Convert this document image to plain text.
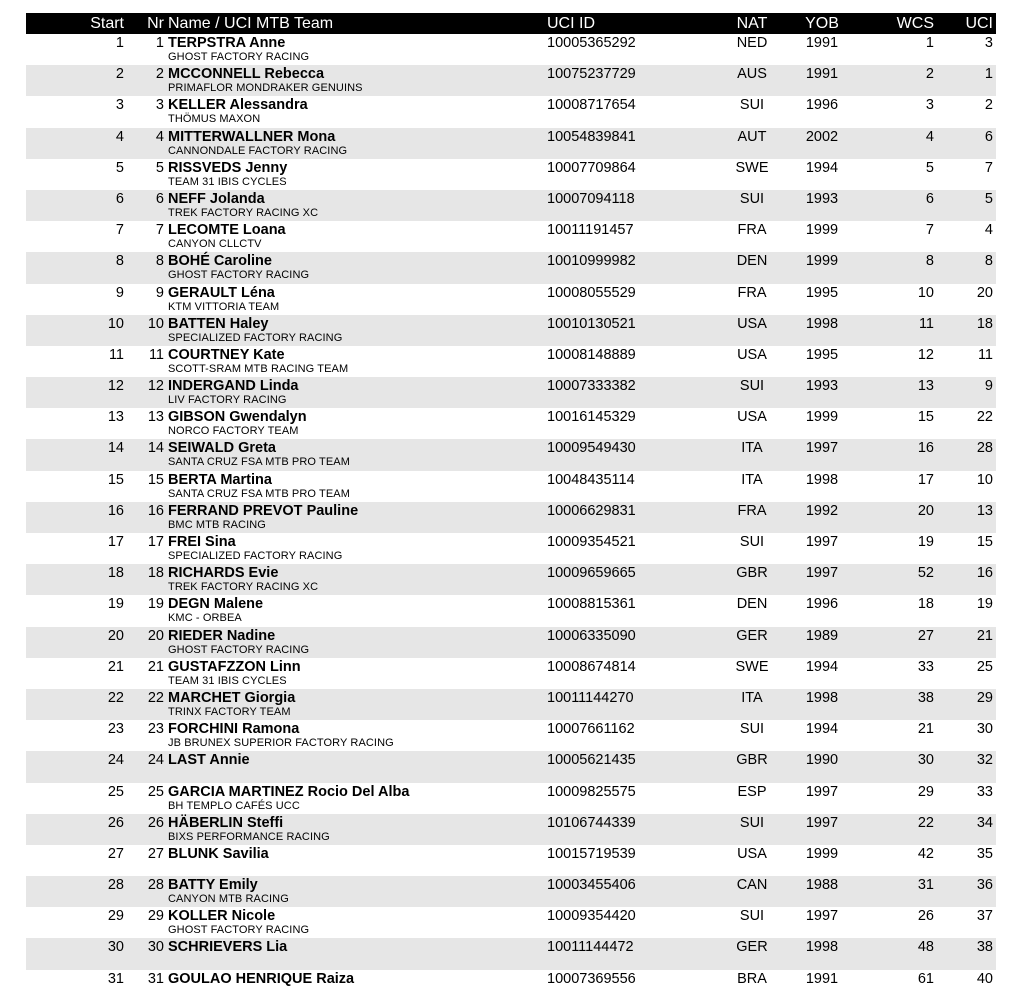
Start Nr Name / UCI MTB Team	UCI ID	NAT	YOB	WCS UCI
1 1 TERPSTRA Anne
GHOST FACTORY RACING
10005365292	NED	1991	1	3
2 2 MCCONNELL Rebecca
PRIMAFLOR MONDRAKER GENUINS
10075237729	AUS	1991	2	1
3 3 KELLER Alessandra
THÖMUS MAXON
10008717654	SUI	1996	3	2
4 4 MITTERWALLNER Mona
CANNONDALE FACTORY RACING
10054839841	AUT	2002	4	6
5 5 RISSVEDS Jenny
TEAM 31 IBIS CYCLES
10007709864	SWE	1994	5	7
6 6 NEFF Jolanda
TREK FACTORY RACING XC
10007094118	SUI	1993	6	5
7 7 LECOMTE Loana
CANYON CLLCTV
10011191457	FRA	1999	7	4
8 8 BOHÉ Caroline
GHOST FACTORY RACING
10010999982	DEN	1999	8	8
9 9 GERAULT Léna
KTM VITTORIA TEAM
10008055529	FRA	1995	10	20
10 10 BATTEN Haley
SPECIALIZED FACTORY RACING
10010130521	USA	1998	11	18
11 11 COURTNEY Kate
SCOTT-SRAM MTB RACING TEAM
10008148889	USA	1995	12	11
12 12 INDERGAND Linda
LIV FACTORY RACING
10007333382	SUI	1993	13	9
13 13 GIBSON Gwendalyn
NORCO FACTORY TEAM
10016145329	USA	1999	15	22
14 14 SEIWALD Greta
SANTA CRUZ FSA MTB PRO TEAM
10009549430	ITA	1997	16	28
15 15 BERTA Martina
SANTA CRUZ FSA MTB PRO TEAM
10048435114	ITA	1998	17	10
16 16 FERRAND PREVOT Pauline
BMC MTB RACING
10006629831	FRA	1992	20	13
17 17 FREI Sina
SPECIALIZED FACTORY RACING
10009354521	SUI	1997	19	15
18 18 RICHARDS Evie
TREK FACTORY RACING XC
10009659665	GBR	1997	52	16
19 19 DEGN Malene
KMC - ORBEA
10008815361	DEN	1996	18	19
20 20 RIEDER Nadine
GHOST FACTORY RACING
10006335090	GER	1989	27	21
21 21 GUSTAFZZON Linn
TEAM 31 IBIS CYCLES
10008674814	SWE	1994	33	25
22 22 MARCHET Giorgia
TRINX FACTORY TEAM
10011144270	ITA	1998	38	29
23 23 FORCHINI Ramona
JB BRUNEX SUPERIOR FACTORY RACING
10007661162	SUI	1994	21	30
24 24 LAST Annie	10005621435	GBR	1990	30	32
25 25 GARCIA MARTINEZ Rocio Del Alba
BH TEMPLO CAFÉS UCC
10009825575	ESP	1997	29	33
26 26 HÄBERLIN Steffi
BIXS PERFORMANCE RACING
10106744339	SUI	1997	22	34
27 27 BLUNK Savilia	10015719539	USA	1999	42	35
28 28 BATTY Emily
CANYON MTB RACING
10003455406	CAN	1988	31	36
29 29 KOLLER Nicole
GHOST FACTORY RACING
10009354420	SUI	1997	26	37
30 30 SCHRIEVERS Lia	10011144472	GER	1998	48	38
31 31 GOULAO HENRIQUE Raiza	10007369556	BRA	1991	61	40
